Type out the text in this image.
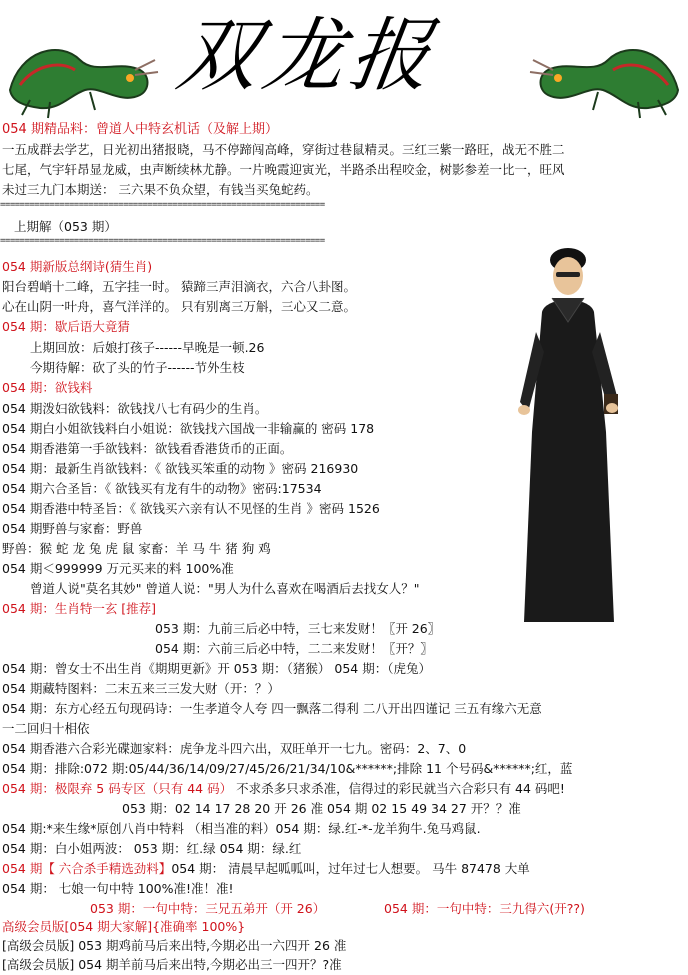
双龙报
054 期精品料：曾道人中特玄机话（及解上期）
一五成群去学艺，日光初出猪报晓，马不停蹄闯高峰，穿街过巷鼠精灵。三红三紫一路旺，战无不胜二
七尾，气宇轩昂显龙威，虫声断续林尤静。一片晚霞迎寅光，半路杀出程咬金，树影参差一比一，旺风
未过三九门本期送： 三六果不负众望，有钱当买兔蛇药。
==================================================================
上期解（053 期）
==================================================================
054 期新版总纲诗(猜生肖)
阳台碧峭十二峰，五字挂一时。 猿蹄三声泪滴衣，六合八卦图。
心在山阴一叶舟，喜气洋洋的。 只有别离三万斛，三心又二意。
054 期：歇后语大竟猜
上期回放：后娘打孩子------早晚是一顿.26
今期待解：砍了头的竹子------节外生枝
054 期：欲钱料
054 期泼妇欲钱料：欲钱找八七有码少的生肖。
054 期白小姐欲钱料白小姐说：欲钱找六国战一非输赢的 密码 178
054 期香港第一手欲钱料：欲钱看香港货币的正面。
054 期：最新生肖欲钱料：《 欲钱买笨重的动物 》密码 216930
054 期六合圣旨：《 欲钱买有龙有牛的动物》密码:17534
054 期香港中特圣旨：《 欲钱买六亲有认不见怪的生肖 》密码 1526
054 期野兽与家畜：野兽
野兽：猴 蛇 龙 兔 虎 鼠 家畜：羊 马 牛 猪 狗 鸡
054 期＜999999 万元买来的料 100%准
曾道人说"莫名其妙" 曾道人说："男人为什么喜欢在喝酒后去找女人？"
054 期：生肖特一玄 [推荐]
053 期：九前三后必中特，三七来发财！〖开 26〗
054 期：六前三后必中特，二二来发财！〖开？〗
054 期：曾女士不出生肖《期期更新》开 053 期：（猪猴） 054 期：（虎兔）
054 期藏特图料：二末五来三三发大财（开：？）
054 期：东方心经五句现码诗：一生孝道令人夸 四一飘落二得利 二八开出四谨记 三五有缘六无意
一二回归十相依
054 期香港六合彩光碟迦家料：虎争龙斗四六出，双旺单开一七九。密码：2、7、0
054 期：排除:072 期:05/44/36/14/09/27/45/26/21/34/10&******;排除 11 个号码&******;红，蓝
054 期：极限弃 5 码专区（只有 44 码） 不求杀多只求杀准，信得过的彩民就当六合彩只有 44 码吧!
053 期：02 14 17 28 20 开 26 准 054 期 02 15 49 34 27 开？？准
054 期:*来生缘*原创八肖中特料 （相当准的料）054 期：绿.红-*-龙羊狗牛.兔马鸡鼠.
054 期：白小姐两波： 053 期：红.绿 054 期：绿.红
054 期【 六合杀手精选劲料】054 期： 清晨早起呱呱叫，过年过七人想要。 马牛 87478 大单
054 期： 七娘一句中特 100%准!准！准!
053 期：一句中特：三兄五弟开（开 26）	054 期：一句中特：三九得六(开??)
高级会员版[054 期大家解]{准确率 100%}
[高级会员版] 053 期鸡前马后来出特,今期必出一六四开 26 准
[高级会员版] 054 期羊前马后来出特,今期必出三一四开？?准
